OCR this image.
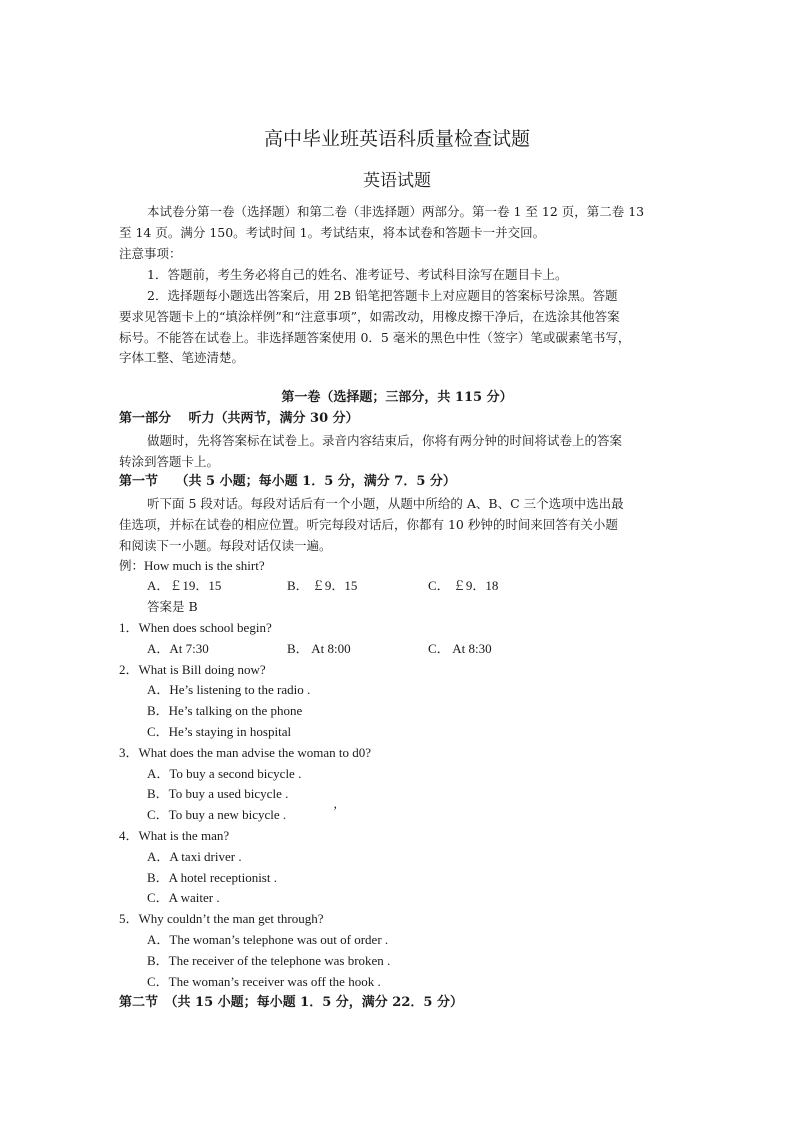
高中毕业班英语科质量检查试题
英语试题
本试卷分第一卷（选择题）和第二卷（非选择题）两部分。第一卷 1 至 12 页，第二卷 13
至 14 页。满分 150。考试时间 1。考试结束，将本试卷和答题卡一并交回。
注意事项：
1．答题前，考生务必将自己的姓名、准考证号、考试科目涂写在题目卡上。
2．选择题每小题选出答案后，用 2B 铅笔把答题卡上对应题目的答案标号涂黑。答题
要求见答题卡上的“填涂样例”和“注意事项”，如需改动，用橡皮擦干净后，在选涂其他答案
标号。不能答在试卷上。非选择题答案使用 0．5 毫米的黑色中性（签字）笔或碳素笔书写，
字体工整、笔迹清楚。
第一卷（选择题；三部分，共 115 分）
第一部分　 听力（共两节，满分 30 分）
做题时，先将答案标在试卷上。录音内容结束后，你将有两分钟的时间将试卷上的答案
转涂到答题卡上。
第一节　 （共 5 小题；每小题 1．5 分，满分 7．5 分）
听下面 5 段对话。每段对话后有一个小题，从题中所给的 A、B、C 三个选项中选出最
佳选项，并标在试卷的相应位置。听完每段对话后，你都有 10 秒钟的时间来回答有关小题
和阅读下一小题。每段对话仅读一遍。
例：How much is the shirt?
A．￡19．15	B． ￡9．15	C． ￡9．18
答案是 B
1．When does school begin?
A．At 7:30	B． At 8:00	C． At 8:30
2．What is Bill doing now?
A．He’s listening to the radio .
B．He’s talking on the phone
C．He’s staying in hospital
3．What does the man advise the woman to d0?
A．To buy a second bicycle .
B．To buy a used bicycle .
C．To buy a new bicycle .	’
4．What is the man?
A．A taxi driver .
B．A hotel receptionist .
C．A waiter .
5．Why couldn’t the man get through?
A．The woman’s telephone was out of order .
B．The receiver of the telephone was broken .
C．The woman’s receiver was off the hook .
第二节　（共 15 小题；每小题 1．5 分，满分 22．5 分）
